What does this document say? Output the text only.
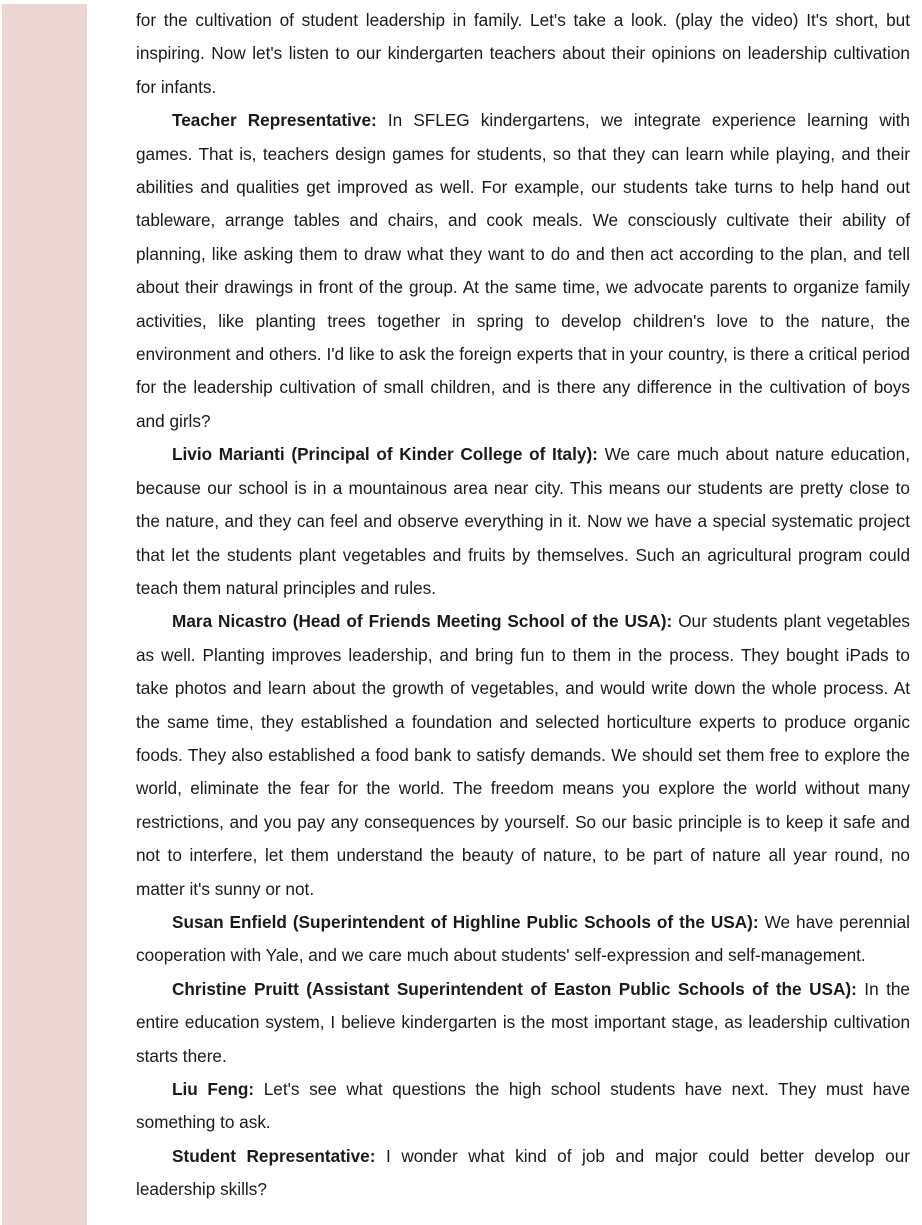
for the cultivation of student leadership in family. Let's take a look. (play the video) It's short, but inspiring. Now let's listen to our kindergarten teachers about their opinions on leadership cultivation for infants.

Teacher Representative: In SFLEG kindergartens, we integrate experience learning with games. That is, teachers design games for students, so that they can learn while playing, and their abilities and qualities get improved as well. For example, our students take turns to help hand out tableware, arrange tables and chairs, and cook meals. We consciously cultivate their ability of planning, like asking them to draw what they want to do and then act according to the plan, and tell about their drawings in front of the group. At the same time, we advocate parents to organize family activities, like planting trees together in spring to develop children's love to the nature, the environment and others. I'd like to ask the foreign experts that in your country, is there a critical period for the leadership cultivation of small children, and is there any difference in the cultivation of boys and girls?

Livio Marianti (Principal of Kinder College of Italy): We care much about nature education, because our school is in a mountainous area near city. This means our students are pretty close to the nature, and they can feel and observe everything in it. Now we have a special systematic project that let the students plant vegetables and fruits by themselves. Such an agricultural program could teach them natural principles and rules.

Mara Nicastro (Head of Friends Meeting School of the USA): Our students plant vegetables as well. Planting improves leadership, and bring fun to them in the process. They bought iPads to take photos and learn about the growth of vegetables, and would write down the whole process. At the same time, they established a foundation and selected horticulture experts to produce organic foods. They also established a food bank to satisfy demands. We should set them free to explore the world, eliminate the fear for the world. The freedom means you explore the world without many restrictions, and you pay any consequences by yourself. So our basic principle is to keep it safe and not to interfere, let them understand the beauty of nature, to be part of nature all year round, no matter it's sunny or not.

Susan Enfield (Superintendent of Highline Public Schools of the USA): We have perennial cooperation with Yale, and we care much about students' self-expression and self-management.

Christine Pruitt (Assistant Superintendent of Easton Public Schools of the USA): In the entire education system, I believe kindergarten is the most important stage, as leadership cultivation starts there.

Liu Feng: Let's see what questions the high school students have next. They must have something to ask.

Student Representative: I wonder what kind of job and major could better develop our leadership skills?
